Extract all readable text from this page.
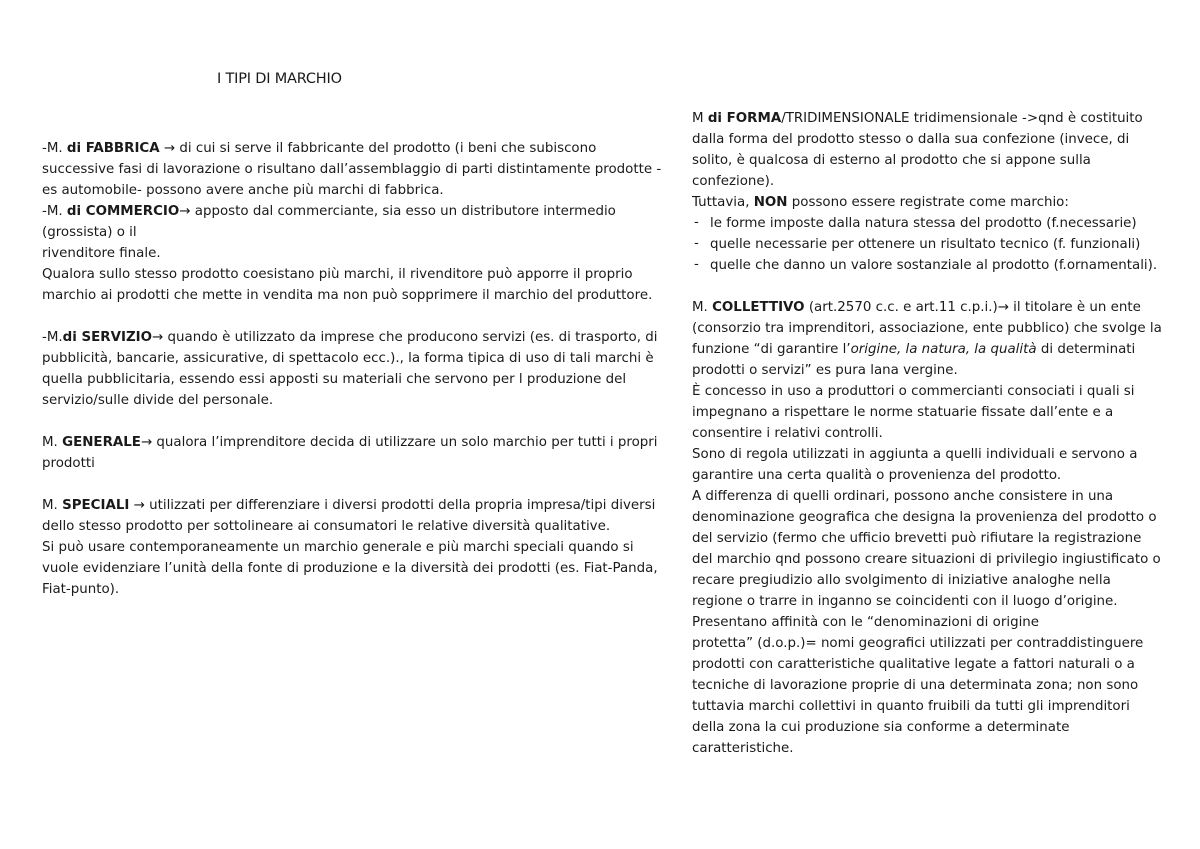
I TIPI DI MARCHIO

-M. di FABBRICA → di cui si serve il fabbricante del prodotto (i beni che subiscono successive fasi di lavorazione o risultano dall’assemblaggio di parti distintamente prodotte -es automobile- possono avere anche più marchi di fabbrica.

-M. di COMMERCIO→ apposto dal commerciante, sia esso un distributore intermedio (grossista) o il

rivenditore finale.

Qualora sullo stesso prodotto coesistano più marchi, il rivenditore può apporre il proprio marchio ai prodotti che mette in vendita ma non può sopprimere il marchio del produttore.

-M.di SERVIZIO→ quando è utilizzato da imprese che producono servizi (es. di trasporto, di

pubblicità, bancarie, assicurative, di spettacolo ecc.)., la forma tipica di uso di tali marchi è quella pubblicitaria, essendo essi apposti su materiali che servono per l produzione del servizio/sulle divide del personale.

M. GENERALE→ qualora l’imprenditore decida di utilizzare un solo marchio per tutti i propri prodotti

M. SPECIALI → utilizzati per differenziare i diversi prodotti della propria impresa/tipi diversi dello stesso prodotto per sottolineare ai consumatori le relative diversità qualitative.

Si può usare contemporaneamente un marchio generale e più marchi speciali quando si vuole evidenziare l’unità della fonte di produzione e la diversità dei prodotti (es. Fiat-Panda, Fiat-punto).

M di FORMA/TRIDIMENSIONALE tridimensionale ->qnd è costituito dalla forma del prodotto stesso o dalla sua confezione (invece, di solito, è qualcosa di esterno al prodotto che si appone sulla confezione).

Tuttavia, NON possono essere registrate come marchio:

- le forme imposte dalla natura stessa del prodotto (f.necessarie)
- quelle necessarie per ottenere un risultato tecnico (f. funzionali)
- quelle che danno un valore sostanziale al prodotto (f.ornamentali).

M. COLLETTIVO (art.2570 c.c. e art.11 c.p.i.)→ il titolare è un ente (consorzio tra imprenditori, associazione, ente pubblico) che svolge la funzione “di garantire l’origine, la natura, la qualità di determinati prodotti o servizi” es pura lana vergine.

È concesso in uso a produttori o commercianti consociati i quali si impegnano a rispettare le norme statuarie fissate dall’ente e a consentire i relativi controlli.

Sono di regola utilizzati in aggiunta a quelli individuali e servono a garantire una certa qualità o provenienza del prodotto.

A differenza di quelli ordinari, possono anche consistere in una denominazione geografica che designa la provenienza del prodotto o del servizio (fermo che ufficio brevetti può rifiutare la registrazione del marchio qnd possono creare situazioni di privilegio ingiustificato o recare pregiudizio allo svolgimento di iniziative analoghe nella regione o trarre in inganno se coincidenti con il luogo d’origine.

Presentano affinità con le “denominazioni di origine

protetta” (d.o.p.)= nomi geografici utilizzati per contraddistinguere prodotti con caratteristiche qualitative legate a fattori naturali o a tecniche di lavorazione proprie di una determinata zona; non sono tuttavia marchi collettivi in quanto fruibili da tutti gli imprenditori della zona la cui produzione sia conforme a determinate caratteristiche.
